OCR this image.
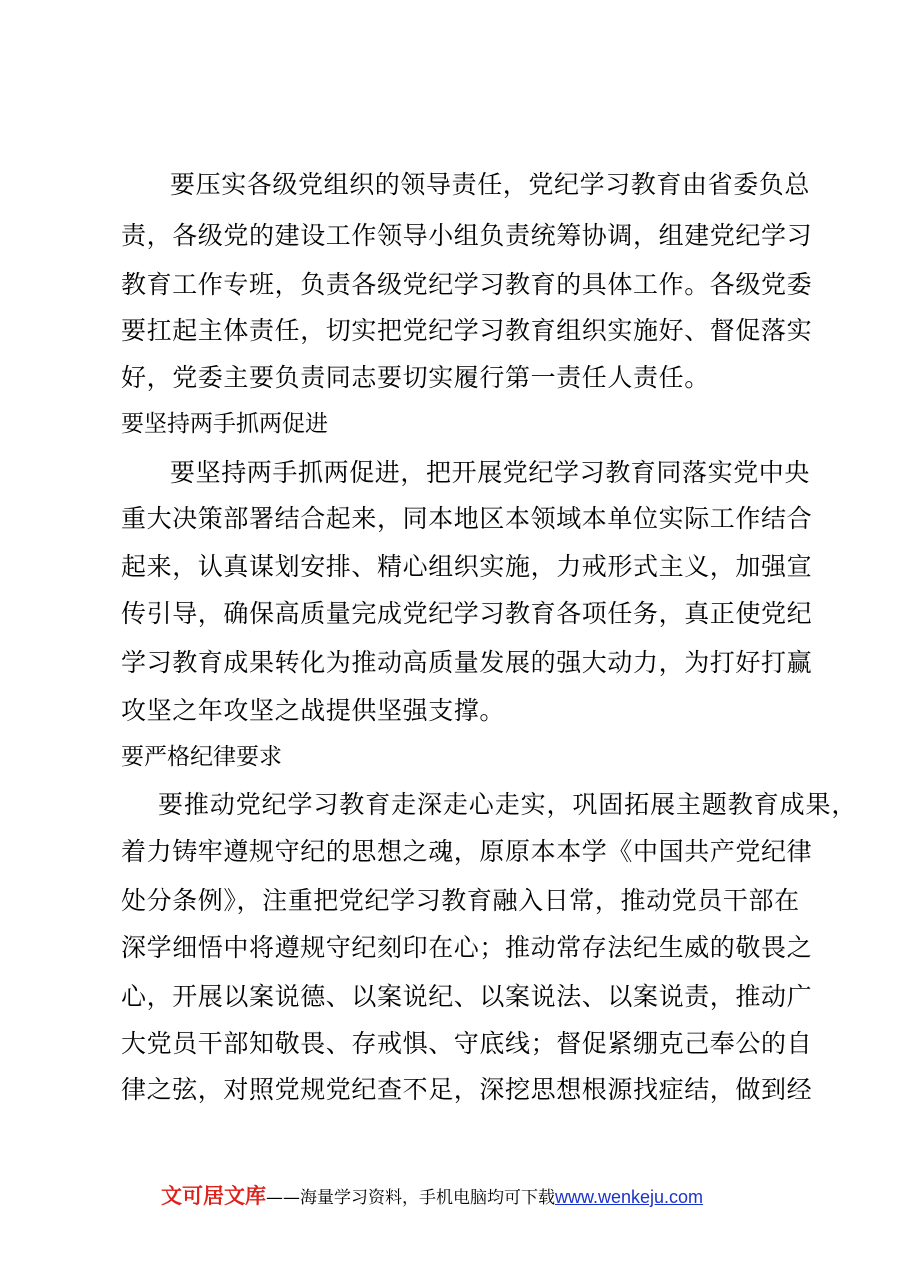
要压实各级党组织的领导责任，党纪学习教育由省委负总
责，各级党的建设工作领导小组负责统筹协调，组建党纪学习
教育工作专班，负责各级党纪学习教育的具体工作。各级党委
要扛起主体责任，切实把党纪学习教育组织实施好、督促落实
好，党委主要负责同志要切实履行第一责任人责任。
要坚持两手抓两促进
要坚持两手抓两促进，把开展党纪学习教育同落实党中央
重大决策部署结合起来，同本地区本领域本单位实际工作结合
起来，认真谋划安排、精心组织实施，力戒形式主义，加强宣
传引导，确保高质量完成党纪学习教育各项任务，真正使党纪
学习教育成果转化为推动高质量发展的强大动力，为打好打赢
攻坚之年攻坚之战提供坚强支撑。
要严格纪律要求
要推动党纪学习教育走深走心走实，巩固拓展主题教育成果，
着力铸牢遵规守纪的思想之魂，原原本本学《中国共产党纪律
处分条例》，注重把党纪学习教育融入日常，推动党员干部在
深学细悟中将遵规守纪刻印在心；推动常存法纪生威的敬畏之
心，开展以案说德、以案说纪、以案说法、以案说责，推动广
大党员干部知敬畏、存戒惧、守底线；督促紧绷克己奉公的自
律之弦，对照党规党纪查不足，深挖思想根源找症结，做到经
文可居文库——海量学习资料，手机电脑均可下载www.wenkeju.com
